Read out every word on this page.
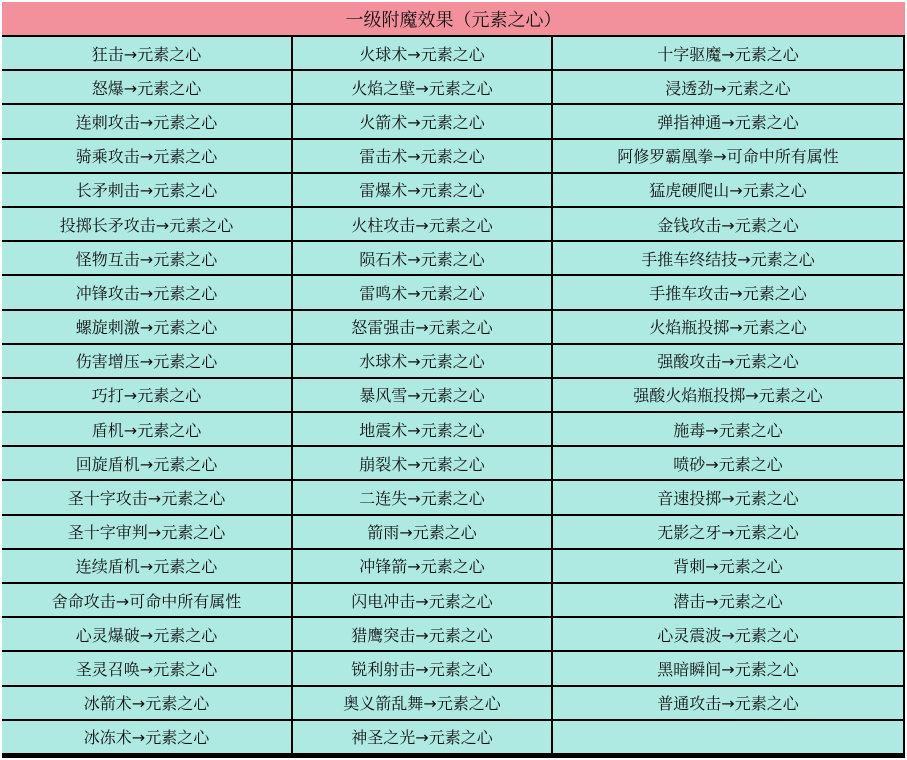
一级附魔效果（元素之心）
狂击→元素之心	火球术→元素之心	十字驱魔→元素之心
怒爆→元素之心	火焰之壁→元素之心	浸透劲→元素之心
连刺攻击→元素之心	火箭术→元素之心	弹指神通→元素之心
骑乘攻击→元素之心	雷击术→元素之心	阿修罗霸凰拳→可命中所有属性
长矛刺击→元素之心	雷爆术→元素之心	猛虎硬爬山→元素之心
投掷长矛攻击→元素之心	火柱攻击→元素之心	金钱攻击→元素之心
怪物互击→元素之心	陨石术→元素之心	手推车终结技→元素之心
冲锋攻击→元素之心	雷鸣术→元素之心	手推车攻击→元素之心
螺旋刺激→元素之心	怒雷强击→元素之心	火焰瓶投掷→元素之心
伤害增压→元素之心	水球术→元素之心	强酸攻击→元素之心
巧打→元素之心	暴风雪→元素之心	强酸火焰瓶投掷→元素之心
盾机→元素之心	地震术→元素之心	施毒→元素之心
回旋盾机→元素之心	崩裂术→元素之心	喷砂→元素之心
圣十字攻击→元素之心	二连失→元素之心	音速投掷→元素之心
圣十字审判→元素之心	箭雨→元素之心	无影之牙→元素之心
连续盾机→元素之心	冲锋箭→元素之心	背刺→元素之心
舍命攻击→可命中所有属性	闪电冲击→元素之心	潜击→元素之心
心灵爆破→元素之心	猎鹰突击→元素之心	心灵震波→元素之心
圣灵召唤→元素之心	锐利射击→元素之心	黑暗瞬间→元素之心
冰箭术→元素之心	奥义箭乱舞→元素之心	普通攻击→元素之心
冰冻术→元素之心	神圣之光→元素之心
